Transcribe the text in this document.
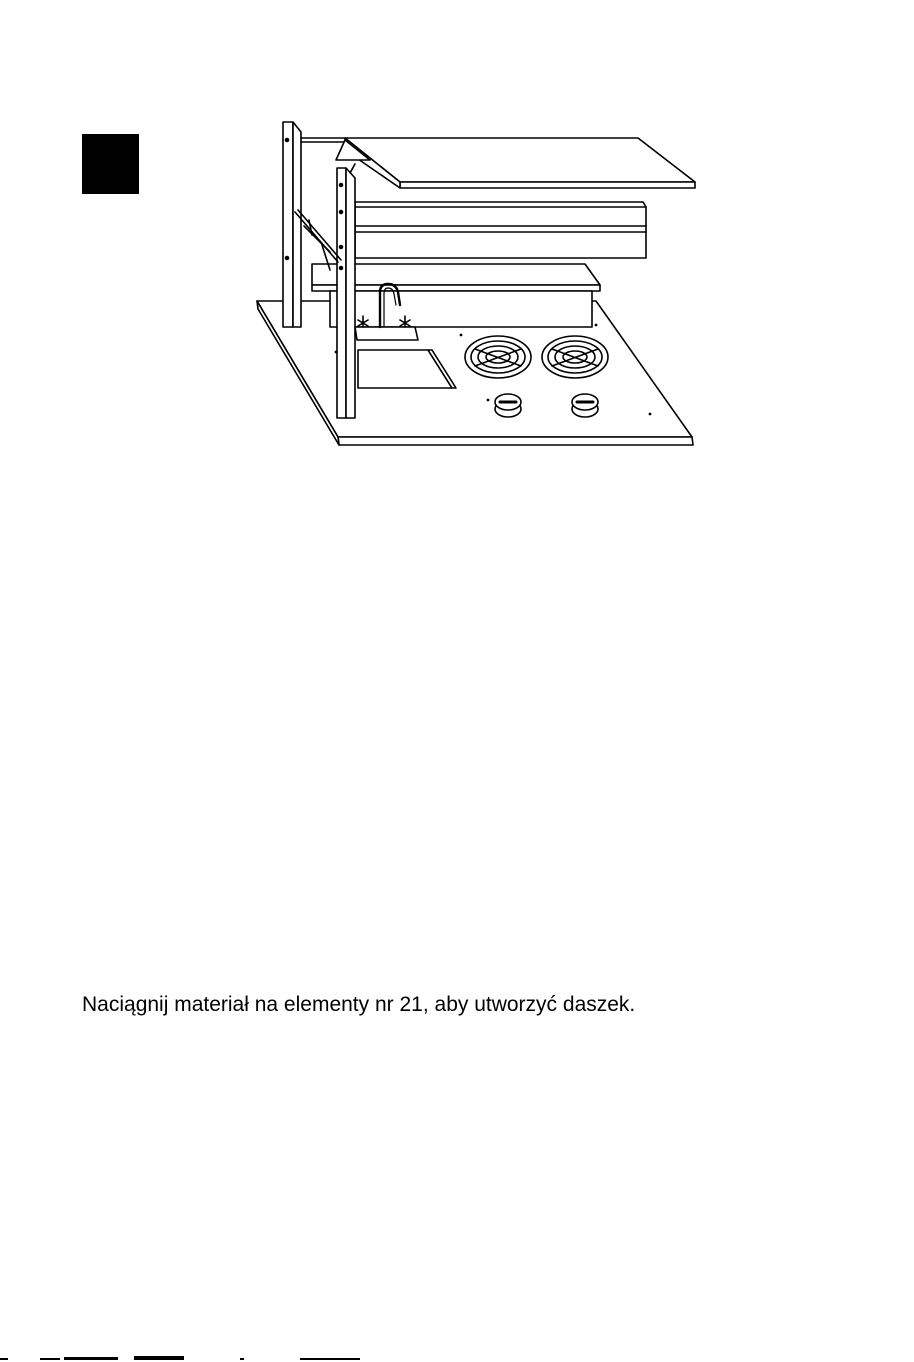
Naciągnij materiał na elementy nr 21, aby utworzyć daszek.
